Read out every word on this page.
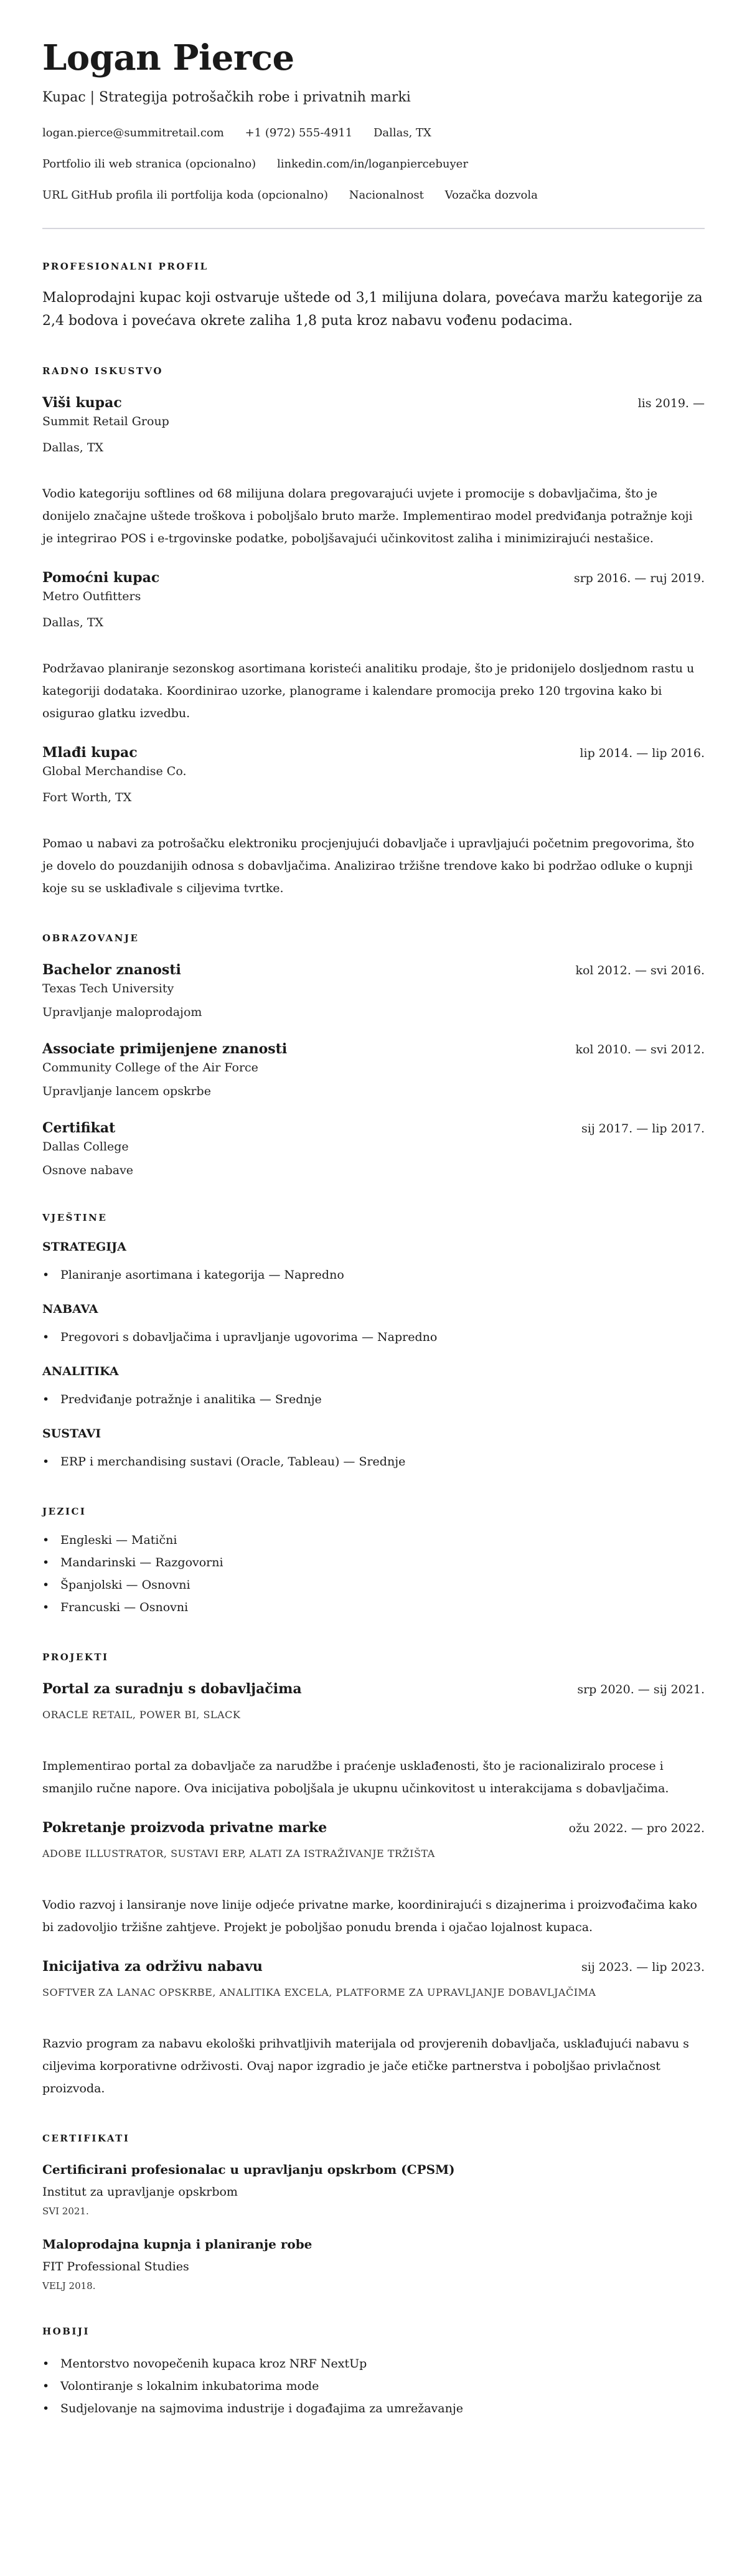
Logan Pierce
Kupac | Strategija potrošačkih robe i privatnih marki
logan.pierce@summitretail.com +1 (972) 555-4911 Dallas, TX
Portfolio ili web stranica (opcionalno) linkedin.com/in/loganpiercebuyer
URL GitHub profila ili portfolija koda (opcionalno) Nacionalnost Vozačka dozvola
PROFESIONALNI PROFIL
Maloprodajni kupac koji ostvaruje uštede od 3,1 milijuna dolara, povećava maržu kategorije za 2,4 bodova i povećava okrete zaliha 1,8 puta kroz nabavu vođenu podacima.
RADNO ISKUSTVO
Viši kupac	lis 2019. —
Summit Retail Group
Dallas, TX
Vodio kategoriju softlines od 68 milijuna dolara pregovarajući uvjete i promocije s dobavljačima, što je donijelo značajne uštede troškova i poboljšalo bruto marže. Implementirao model predviđanja potražnje koji je integrirao POS i e-trgovinske podatke, poboljšavajući učinkovitost zaliha i minimizirajući nestašice.
Pomoćni kupac	srp 2016. — ruj 2019.
Metro Outfitters
Dallas, TX
Podržavao planiranje sezonskog asortimana koristeći analitiku prodaje, što je pridonijelo dosljednom rastu u kategoriji dodataka. Koordinirao uzorke, planograme i kalendare promocija preko 120 trgovina kako bi osigurao glatku izvedbu.
Mlađi kupac	lip 2014. — lip 2016.
Global Merchandise Co.
Fort Worth, TX
Pomao u nabavi za potrošačku elektroniku procjenjujući dobavljače i upravljajući početnim pregovorima, što je dovelo do pouzdanijih odnosa s dobavljačima. Analizirao tržišne trendove kako bi podržao odluke o kupnji koje su se usklađivale s ciljevima tvrtke.
OBRAZOVANJE
Bachelor znanosti	kol 2012. — svi 2016.
Texas Tech University
Upravljanje maloprodajom
Associate primijenjene znanosti	kol 2010. — svi 2012.
Community College of the Air Force
Upravljanje lancem opskrbe
Certifikat	sij 2017. — lip 2017.
Dallas College
Osnove nabave
VJEŠTINE
STRATEGIJA
• Planiranje asortimana i kategorija — Napredno
NABAVA
• Pregovori s dobavljačima i upravljanje ugovorima — Napredno
ANALITIKA
• Predviđanje potražnje i analitika — Srednje
SUSTAVI
• ERP i merchandising sustavi (Oracle, Tableau) — Srednje
JEZICI
• Engleski — Matični
• Mandarinski — Razgovorni
• Španjolski — Osnovni
• Francuski — Osnovni
PROJEKTI
Portal za suradnju s dobavljačima	srp 2020. — sij 2021.
ORACLE RETAIL, POWER BI, SLACK
Implementirao portal za dobavljače za narudžbe i praćenje usklađenosti, što je racionaliziralo procese i smanjilo ručne napore. Ova inicijativa poboljšala je ukupnu učinkovitost u interakcijama s dobavljačima.
Pokretanje proizvoda privatne marke	ožu 2022. — pro 2022.
ADOBE ILLUSTRATOR, SUSTAVI ERP, ALATI ZA ISTRAŽIVANJE TRŽIŠTA
Vodio razvoj i lansiranje nove linije odjeće privatne marke, koordinirajući s dizajnerima i proizvođačima kako bi zadovoljio tržišne zahtjeve. Projekt je poboljšao ponudu brenda i ojačao lojalnost kupaca.
Inicijativa za održivu nabavu	sij 2023. — lip 2023.
SOFTVER ZA LANAC OPSKRBE, ANALITIKA EXCELA, PLATFORME ZA UPRAVLJANJE DOBAVLJAČIMA
Razvio program za nabavu ekološki prihvatljivih materijala od provjerenih dobavljača, usklađujući nabavu s ciljevima korporativne održivosti. Ovaj napor izgradio je jače etičke partnerstva i poboljšao privlačnost proizvoda.
CERTIFIKATI
Certificirani profesionalac u upravljanju opskrbom (CPSM)
Institut za upravljanje opskrbom
SVI 2021.
Maloprodajna kupnja i planiranje robe
FIT Professional Studies
VELJ 2018.
HOBIJI
• Mentorstvo novopečenih kupaca kroz NRF NextUp
• Volontiranje s lokalnim inkubatorima mode
• Sudjelovanje na sajmovima industrije i događajima za umrežavanje
